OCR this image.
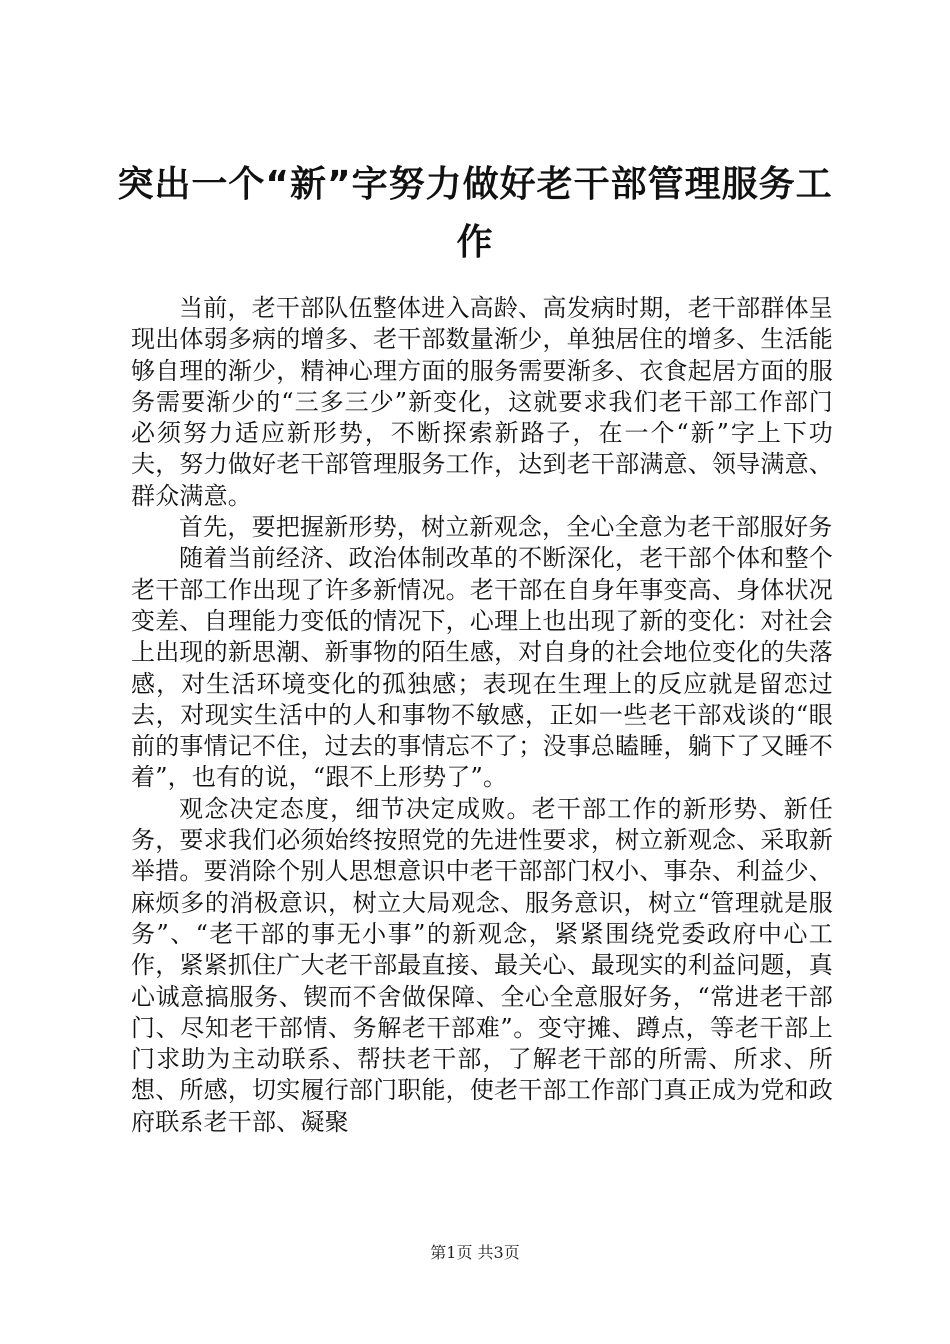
突出一个“新”字努力做好老干部管理服务工作

当前，老干部队伍整体进入高龄、高发病时期，老干部群体呈现出体弱多病的增多、老干部数量渐少，单独居住的增多、生活能够自理的渐少，精神心理方面的服务需要渐多、衣食起居方面的服务需要渐少的“三多三少”新变化，这就要求我们老干部工作部门必须努力适应新形势，不断探索新路子，在一个“新”字上下功夫，努力做好老干部管理服务工作，达到老干部满意、领导满意、群众满意。

首先，要把握新形势，树立新观念，全心全意为老干部服好务

随着当前经济、政治体制改革的不断深化，老干部个体和整个老干部工作出现了许多新情况。老干部在自身年事变高、身体状况变差、自理能力变低的情况下，心理上也出现了新的变化：对社会上出现的新思潮、新事物的陌生感，对自身的社会地位变化的失落感，对生活环境变化的孤独感；表现在生理上的反应就是留恋过去，对现实生活中的人和事物不敏感，正如一些老干部戏谈的“眼前的事情记不住，过去的事情忘不了；没事总瞌睡，躺下了又睡不着”，也有的说，“跟不上形势了”。

观念决定态度，细节决定成败。老干部工作的新形势、新任务，要求我们必须始终按照党的先进性要求，树立新观念、采取新举措。要消除个别人思想意识中老干部部门权小、事杂、利益少、麻烦多的消极意识，树立大局观念、服务意识，树立“管理就是服务”、“老干部的事无小事”的新观念，紧紧围绕党委政府中心工作，紧紧抓住广大老干部最直接、最关心、最现实的利益问题，真心诚意搞服务、锲而不舍做保障、全心全意服好务，“常进老干部门、尽知老干部情、务解老干部难”。变守摊、蹲点，等老干部上门求助为主动联系、帮扶老干部，了解老干部的所需、所求、所想、所感，切实履行部门职能，使老干部工作部门真正成为党和政府联系老干部、凝聚

第1页 共3页
